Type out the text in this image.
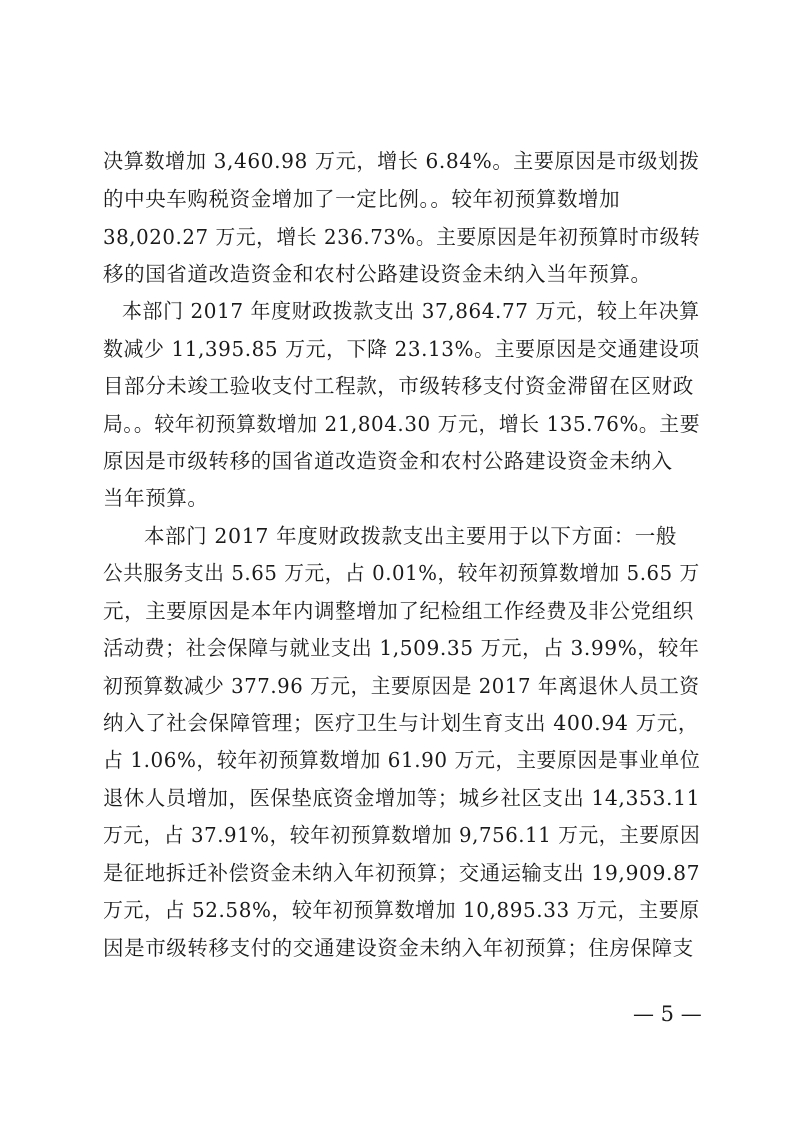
决算数增加 3,460.98 万元，增长 6.84%。主要原因是市级划拨
的中央车购税资金增加了一定比例。。较年初预算数增加
38,020.27 万元，增长 236.73%。主要原因是年初预算时市级转
移的国省道改造资金和农村公路建设资金未纳入当年预算。
本部门 2017 年度财政拨款支出 37,864.77 万元，较上年决算
数减少 11,395.85 万元，下降 23.13%。主要原因是交通建设项
目部分未竣工验收支付工程款，市级转移支付资金滞留在区财政
局。。较年初预算数增加 21,804.30 万元，增长 135.76%。主要
原因是市级转移的国省道改造资金和农村公路建设资金未纳入
当年预算。
本部门 2017 年度财政拨款支出主要用于以下方面：一般
公共服务支出 5.65 万元，占 0.01%，较年初预算数增加 5.65 万
元，主要原因是本年内调整增加了纪检组工作经费及非公党组织
活动费；社会保障与就业支出 1,509.35 万元，占 3.99%，较年
初预算数减少 377.96 万元，主要原因是 2017 年离退休人员工资
纳入了社会保障管理；医疗卫生与计划生育支出 400.94 万元，
占 1.06%，较年初预算数增加 61.90 万元，主要原因是事业单位
退休人员增加，医保垫底资金增加等；城乡社区支出 14,353.11
万元，占 37.91%，较年初预算数增加 9,756.11 万元，主要原因
是征地拆迁补偿资金未纳入年初预算；交通运输支出 19,909.87
万元，占 52.58%，较年初预算数增加 10,895.33 万元，主要原
因是市级转移支付的交通建设资金未纳入年初预算；住房保障支
— 5 —
